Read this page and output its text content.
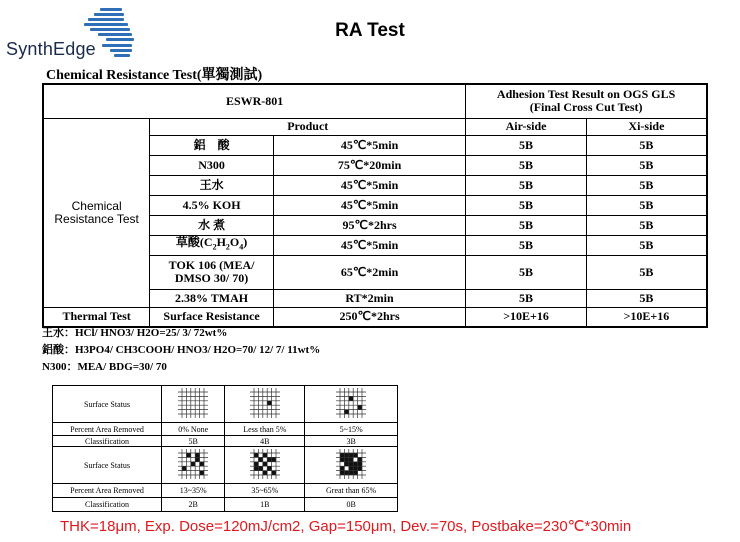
SynthEdge
RA Test
Chemical Resistance Test(單獨測試)
ESWR-801			Adhesion Test Result on OGS GLS
(Final Cross Cut Test)	

Chemical
Resistance Test	Product		Air-side	Xi-side
	鋁　酸	45℃*5min	5B	5B
	N300	75℃*20min	5B	5B
	王水	45℃*5min	5B	5B
	4.5% KOH	45℃*5min	5B	5B
	水 煮	95℃*2hrs	5B	5B
	草酸$(C_2H_2O_4)$	45℃*5min	5B	5B

	TOK 106 (MEA/
DMSO 30/ 70)	65℃*2min	5B	5B
	2.38% TMAH	RT*2min	5B	5B
Thermal Test	Surface Resistance	250℃*2hrs	>10E+16	>10E+16
王水：HCl/ HNO3/ H2O=25/ 3/ 72wt%
鋁酸：H3PO4/ CH3COOH/ HNO3/ H2O=70/ 12/ 7/ 11wt%
N300：MEA/ BDG=30/ 70
Surface Status			
Percent Area Removed	0% None	Less than 5%	5~15%
Classification	5B	4B	3B
Surface Status			
Percent Area Removed	13~35%	35~65%	Great than 65%
Classification	2B	1B	0B
THK=18μm, Exp. Dose=120mJ/cm2, Gap=150μm, Dev.=70s, Postbake=230℃*30min
